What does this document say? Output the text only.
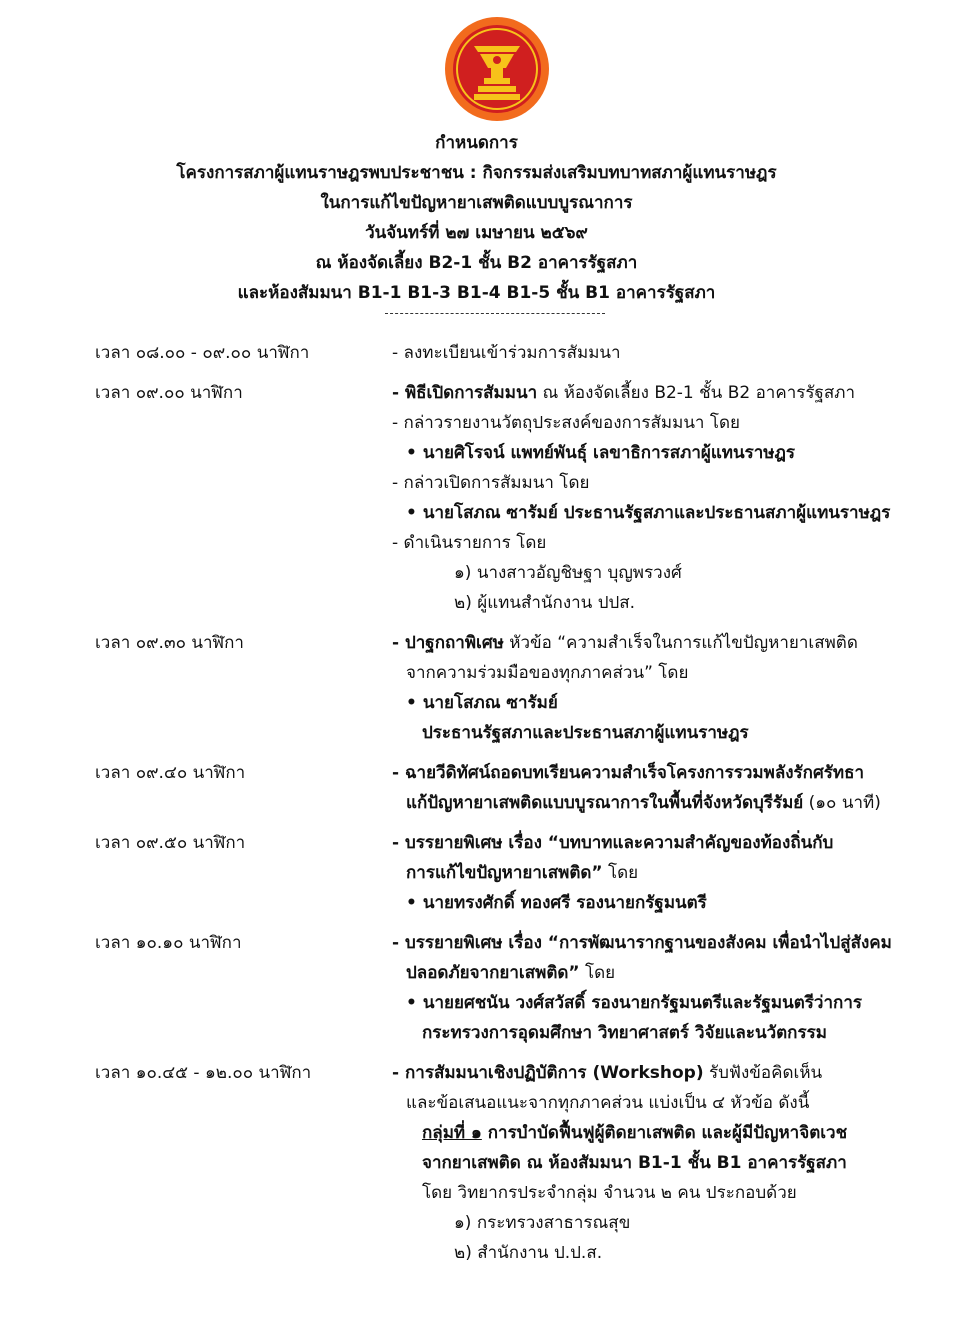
กำหนดการ
โครงการสภาผู้แทนราษฎรพบประชาชน : กิจกรรมส่งเสริมบทบาทสภาผู้แทนราษฎร
ในการแก้ไขปัญหายาเสพติดแบบบูรณาการ
วันจันทร์ที่ ๒๗ เมษายน ๒๕๖๙
ณ ห้องจัดเลี้ยง B2-1 ชั้น B2 อาคารรัฐสภา
และห้องสัมมนา B1-1 B1-3 B1-4 B1-5 ชั้น B1 อาคารรัฐสภา
เวลา ๐๘.๐๐ - ๐๙.๐๐ นาฬิกา	- ลงทะเบียนเข้าร่วมการสัมมนา
เวลา ๐๙.๐๐ นาฬิกา	- พิธีเปิดการสัมมนา ณ ห้องจัดเลี้ยง B2-1 ชั้น B2 อาคารรัฐสภา
- กล่าวรายงานวัตถุประสงค์ของการสัมมนา โดย
• นายศิโรจน์ แพทย์พันธุ์ เลขาธิการสภาผู้แทนราษฎร
- กล่าวเปิดการสัมมนา โดย
• นายโสภณ ซารัมย์ ประธานรัฐสภาและประธานสภาผู้แทนราษฎร
- ดำเนินรายการ โดย
๑) นางสาวอัญชิษฐา บุญพรวงศ์
๒) ผู้แทนสำนักงาน ปปส.
เวลา ๐๙.๓๐ นาฬิกา	- ปาฐกถาพิเศษ หัวข้อ “ความสำเร็จในการแก้ไขปัญหายาเสพติด
จากความร่วมมือของทุกภาคส่วน” โดย
• นายโสภณ ซารัมย์
ประธานรัฐสภาและประธานสภาผู้แทนราษฎร
เวลา ๐๙.๔๐ นาฬิกา	- ฉายวีดิทัศน์ถอดบทเรียนความสำเร็จโครงการรวมพลังรักศรัทธา
แก้ปัญหายาเสพติดแบบบูรณาการในพื้นที่จังหวัดบุรีรัมย์ (๑๐ นาที)
เวลา ๐๙.๕๐ นาฬิกา	- บรรยายพิเศษ เรื่อง “บทบาทและความสำคัญของท้องถิ่นกับ
การแก้ไขปัญหายาเสพติด” โดย
• นายทรงศักดิ์ ทองศรี รองนายกรัฐมนตรี
เวลา ๑๐.๑๐ นาฬิกา	- บรรยายพิเศษ เรื่อง “การพัฒนารากฐานของสังคม เพื่อนำไปสู่สังคม
ปลอดภัยจากยาเสพติด” โดย
• นายยศชนัน วงศ์สวัสดิ์ รองนายกรัฐมนตรีและรัฐมนตรีว่าการ
กระทรวงการอุดมศึกษา วิทยาศาสตร์ วิจัยและนวัตกรรม
เวลา ๑๐.๔๕ - ๑๒.๐๐ นาฬิกา	- การสัมมนาเชิงปฏิบัติการ (Workshop) รับฟังข้อคิดเห็น
และข้อเสนอแนะจากทุกภาคส่วน แบ่งเป็น ๔ หัวข้อ ดังนี้
กลุ่มที่ ๑ การบำบัดฟื้นฟูผู้ติดยาเสพติด และผู้มีปัญหาจิตเวช
จากยาเสพติด ณ ห้องสัมมนา B1-1 ชั้น B1 อาคารรัฐสภา
โดย วิทยากรประจำกลุ่ม จำนวน ๒ คน ประกอบด้วย
๑) กระทรวงสาธารณสุข
๒) สำนักงาน ป.ป.ส.
